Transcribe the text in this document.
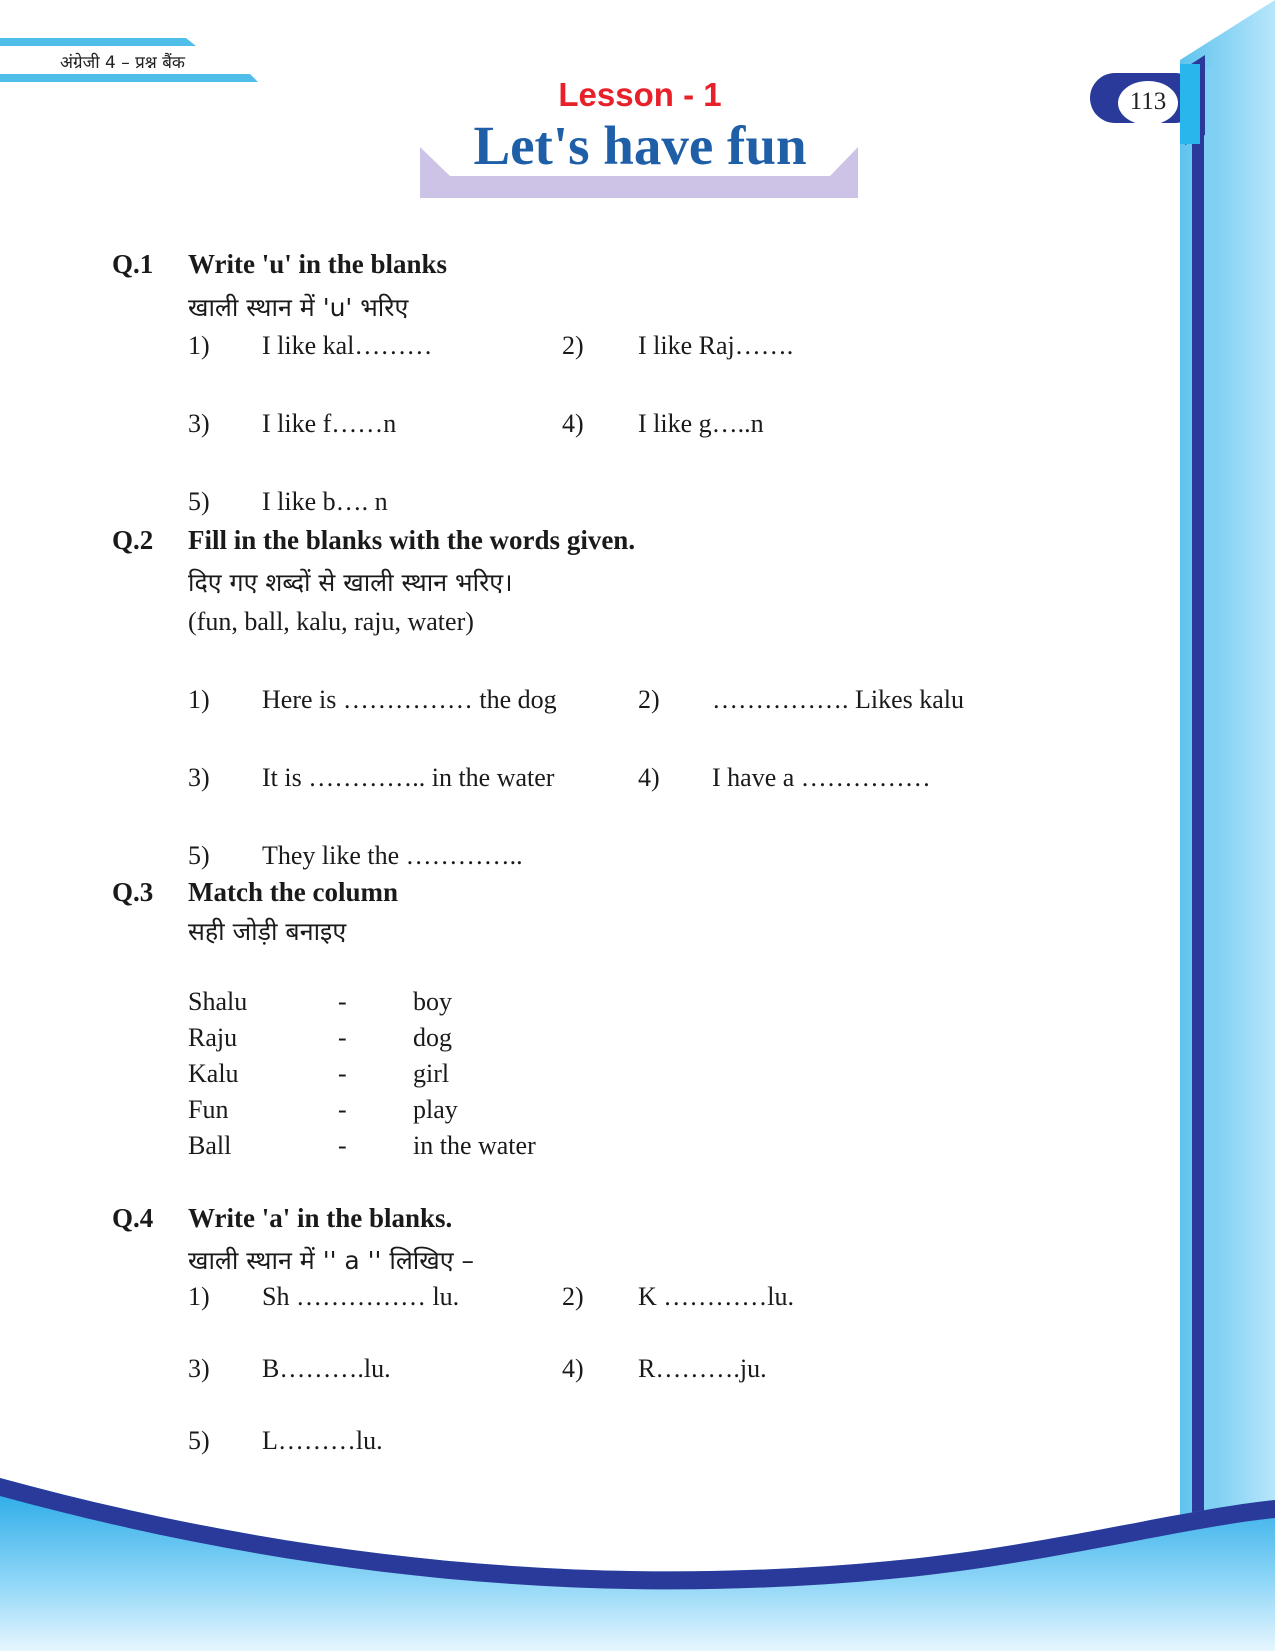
अंग्रेजी 4 – प्रश्न बैंक
113
Lesson - 1
Let's have fun
Q.1 Write 'u' in the blanks
खाली स्थान में 'u' भरिए
1) I like kal………	2) I like Raj…….
3) I like f……n	4) I like g…..n
5) I like b…. n
Q.2 Fill in the blanks with the words given.
दिए गए शब्दों से खाली स्थान भरिए।
(fun, ball, kalu, raju, water)
1) Here is …………… the dog	2) ……………. Likes kalu
3) It is ………….. in the water	4) I have a ……………
5) They like the …………..
Q.3 Match the column
सही जोड़ी बनाइए
Shalu	-	boy
Raju	-	dog
Kalu	-	girl
Fun	-	play
Ball	-	in the water
Q.4 Write 'a' in the blanks.
खाली स्थान में '' a '' लिखिए –
1) Sh …………… lu.	2) K …………lu.
3) B……….lu.	4) R……….ju.
5) L………lu.
